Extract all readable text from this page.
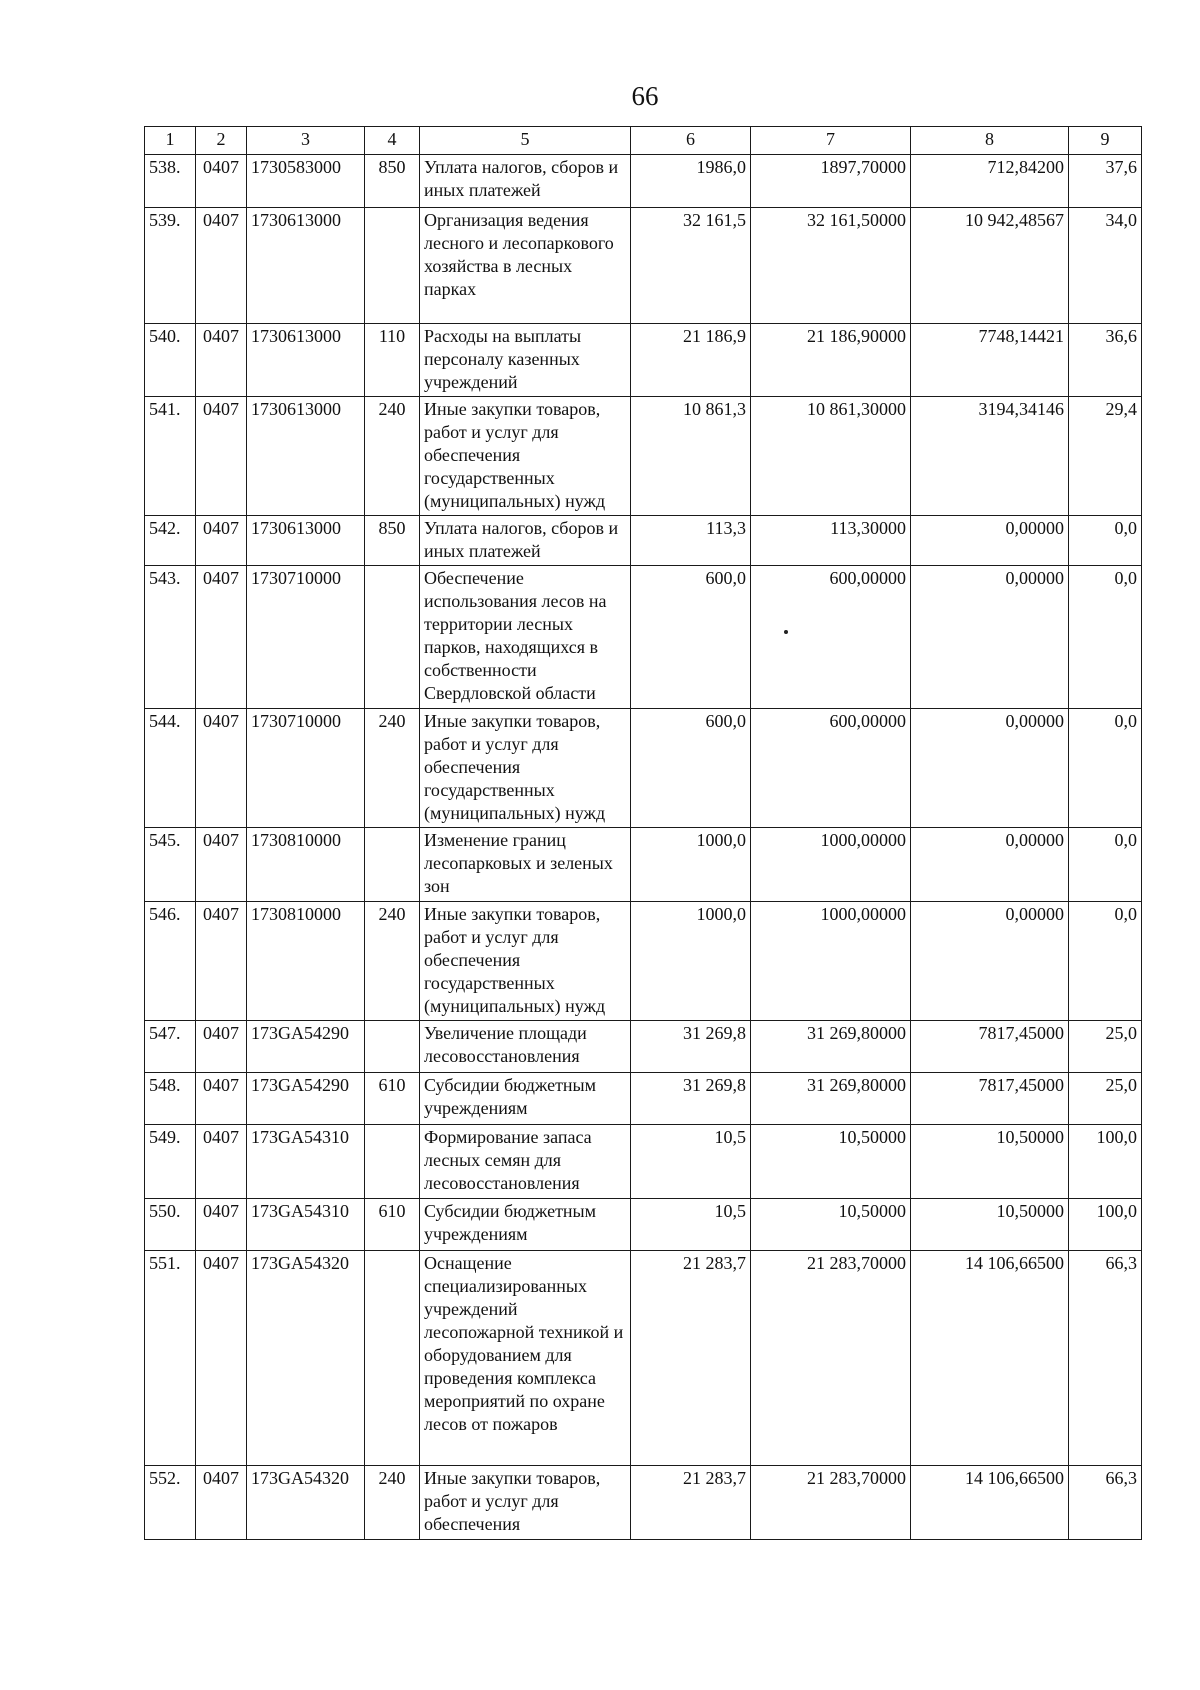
66
1	2	3	4	5	6	7	8	9
538.	0407	1730583000	850	Уплата налогов, сборов и иных платежей	1986,0	1897,70000	712,84200	37,6
539.	0407	1730613000		Организация ведения лесного и лесопаркового хозяйства в лесных парках	32 161,5	32 161,50000	10 942,48567	34,0
540.	0407	1730613000	110	Расходы на выплаты персоналу казенных учреждений	21 186,9	21 186,90000	7748,14421	36,6
541.	0407	1730613000	240	Иные закупки товаров, работ и услуг для обеспечения государственных (муниципальных) нужд	10 861,3	10 861,30000	3194,34146	29,4
542.	0407	1730613000	850	Уплата налогов, сборов и иных платежей	113,3	113,30000	0,00000	0,0
543.	0407	1730710000		Обеспечение использования лесов на территории лесных парков, находящихся в собственности Свердловской области	600,0	600,00000	0,00000	0,0
544.	0407	1730710000	240	Иные закупки товаров, работ и услуг для обеспечения государственных (муниципальных) нужд	600,0	600,00000	0,00000	0,0
545.	0407	1730810000		Изменение границ лесопарковых и зеленых зон	1000,0	1000,00000	0,00000	0,0
546.	0407	1730810000	240	Иные закупки товаров, работ и услуг для обеспечения государственных (муниципальных) нужд	1000,0	1000,00000	0,00000	0,0
547.	0407	173GA54290		Увеличение площади лесовосстановления	31 269,8	31 269,80000	7817,45000	25,0
548.	0407	173GA54290	610	Субсидии бюджетным учреждениям	31 269,8	31 269,80000	7817,45000	25,0
549.	0407	173GA54310		Формирование запаса лесных семян для лесовосстановления	10,5	10,50000	10,50000	100,0
550.	0407	173GA54310	610	Субсидии бюджетным учреждениям	10,5	10,50000	10,50000	100,0
551.	0407	173GA54320		Оснащение специализированных учреждений лесопожарной техникой и оборудованием для проведения комплекса мероприятий по охране лесов от пожаров	21 283,7	21 283,70000	14 106,66500	66,3
552.	0407	173GA54320	240	Иные закупки товаров, работ и услуг для обеспечения	21 283,7	21 283,70000	14 106,66500	66,3
